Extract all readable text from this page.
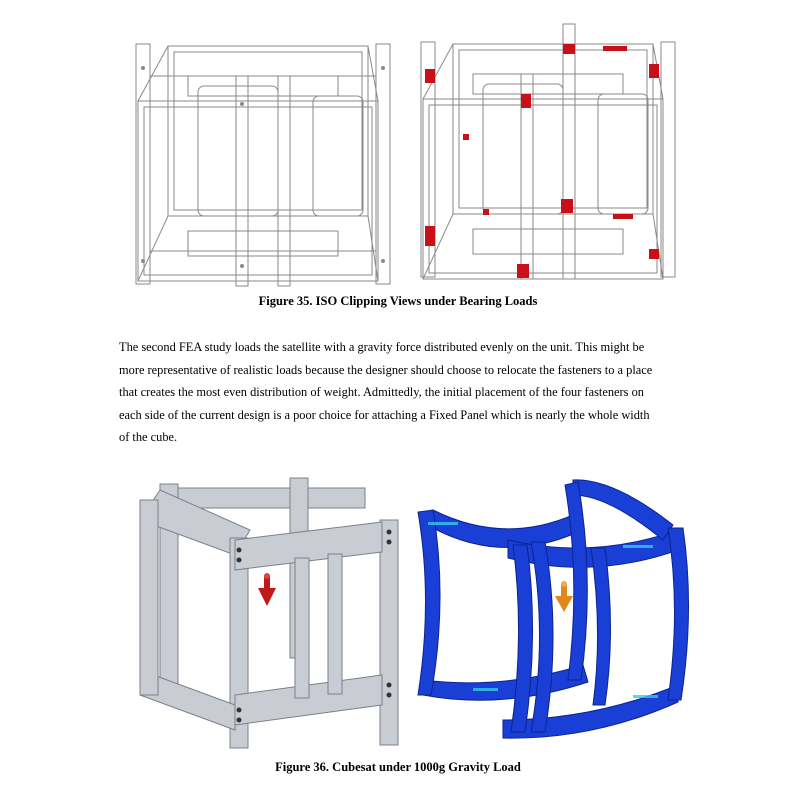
Figure 35. ISO Clipping Views under Bearing Loads
The second FEA study loads the satellite with a gravity force distributed evenly on the unit. This might be
more representative of realistic loads because the designer should choose to relocate the fasteners to a place
that creates the most even distribution of weight. Admittedly, the initial placement of the four fasteners on
each side of the current design is a poor choice for attaching a Fixed Panel which is nearly the whole width
of the cube.
Figure 36. Cubesat under 1000g Gravity Load
